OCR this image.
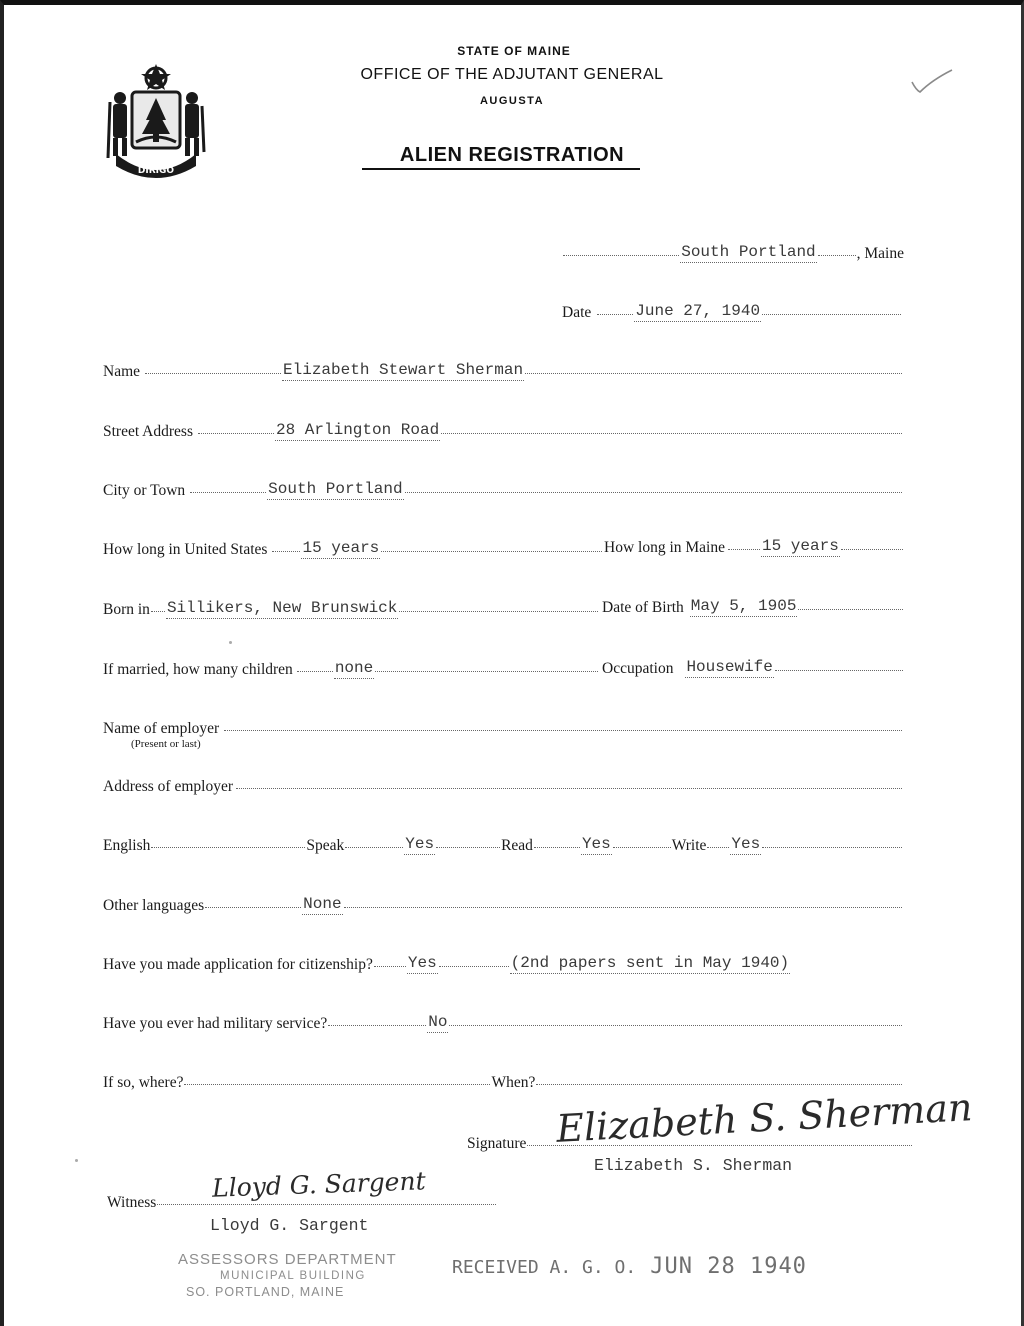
DIRIGO
STATE OF MAINE
OFFICE OF THE ADJUTANT GENERAL
AUGUSTA
ALIEN REGISTRATION
South Portland	, Maine
Date	June 27, 1940
Name	Elizabeth Stewart Sherman
Street Address	28 Arlington Road
City or Town	South Portland
How long in United States 15 years	How long in Maine 15 years
Born in Sillikers, New Brunswick	Date of Birth May 5, 1905
If married, how many children	none	Occupation Housewife
Name of employer
(Present or last)
Address of employer
English	Speak	Yes	Read	Yes	Write Yes
Other languages	None
Have you made application for citizenship? Yes	(2nd papers sent in May 1940)
Have you ever had military service?	No
If so, where?	When?
Signature Elizabeth S. Sherman
Elizabeth S. Sherman
Witness Lloyd G. Sargent
Lloyd G. Sargent
ASSESSORS DEPARTMENT
MUNICIPAL BUILDING
SO. PORTLAND, MAINE
RECEIVED A. G. O. JUN 28 1940
